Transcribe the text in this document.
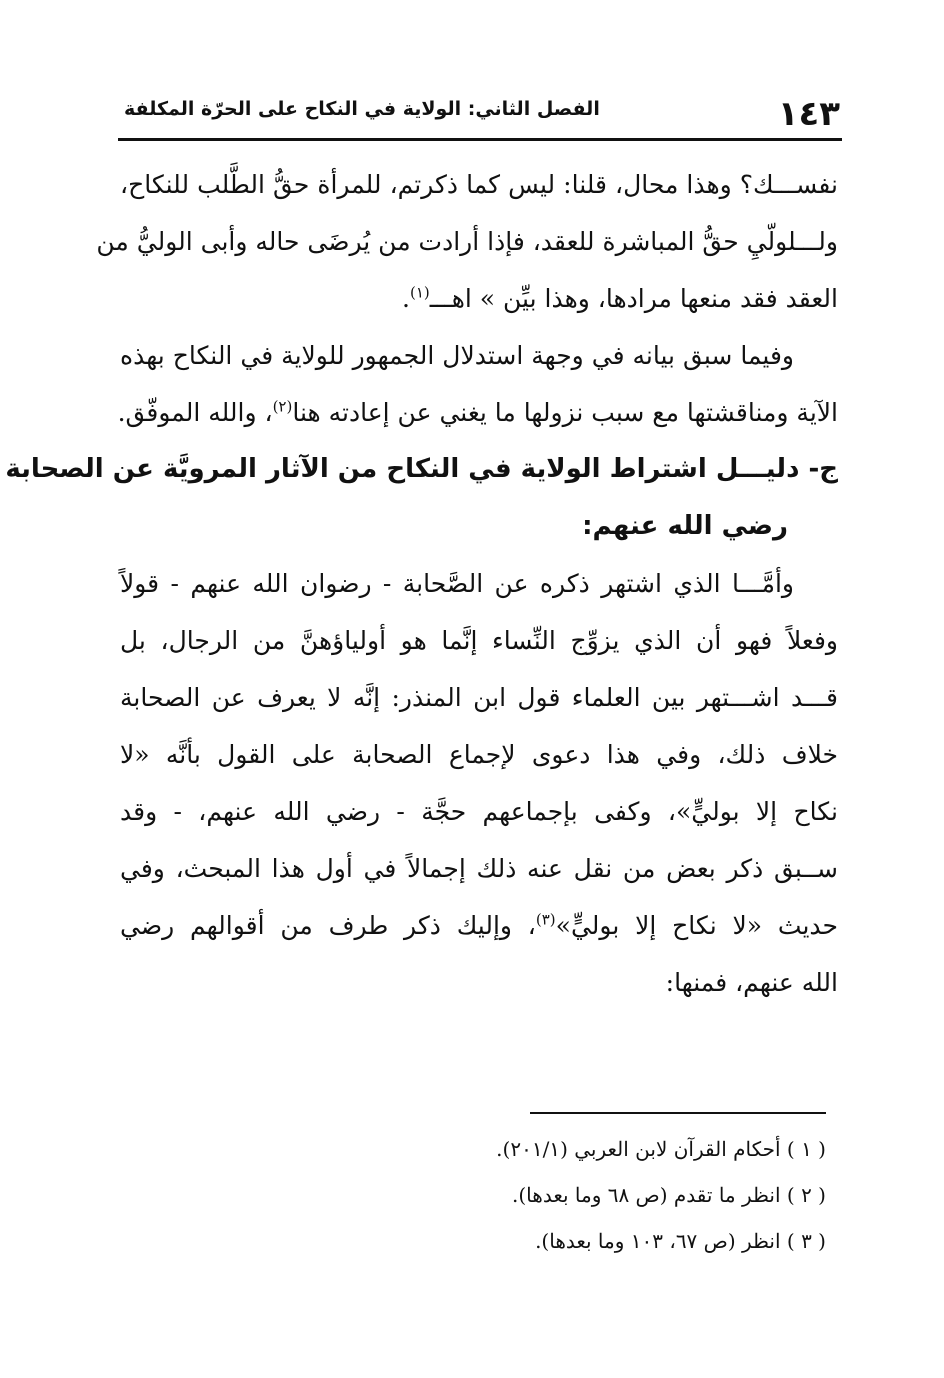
١٤٣
الفصل الثاني: الولاية في النكاح على الحرّة المكلفة
نفســـك؟ وهذا محال، قلنا: ليس كما ذكرتم، للمرأة حقُّ الطَّلب للنكاح،
ولـــلولّيِ حقُّ المباشرة للعقد، فإذا أرادت من يُرضَى حاله وأبى الوليُّ من
العقد فقد منعها مرادها، وهذا بيِّن » اهـــ$^{(١)}$.
وفيما سبق بيانه في وجهة استدلال الجمهور للولاية في النكاح بهذه
الآية ومناقشتها مع سبب نزولها ما يغني عن إعادته هنا$^{(٢)}$، والله الموفّق.
ج- دليـــل اشتراط الولاية في النكاح من الآثار المرويَّة عن الصحابة
رضي الله عنهم:
وأمَّـــا الذي اشتهر ذكره عن الصَّحابة - رضوان الله عنهم - قولاً
وفعلاً فهو أن الذي يزوِّج النِّساء إنَّما هو أولياؤهنَّ من الرجال، بل
قـــد اشـــتهر بين العلماء قول ابن المنذر: إنَّه لا يعرف عن الصحابة
خلاف ذلك، وفي هذا دعوى لإجماع الصحابة على القول بأنَّه «لا
نكاح إلا بوليٍّ»، وكفى بإجماعهم حجَّة - رضي الله عنهم، - وقد
ســبق ذكر بعض من نقل عنه ذلك إجمالاً في أول هذا المبحث، وفي
حديث «لا نكاح إلا بوليٍّ»$^{(٣)}$، وإليك ذكر طرف من أقوالهم رضي
الله عنهم، فمنها:
( ١ ) أحكام القرآن لابن العربي (٢٠١/١).
( ٢ ) انظر ما تقدم (ص ٦٨ وما بعدها).
( ٣ ) انظر (ص ٦٧، ١٠٣ وما بعدها).
